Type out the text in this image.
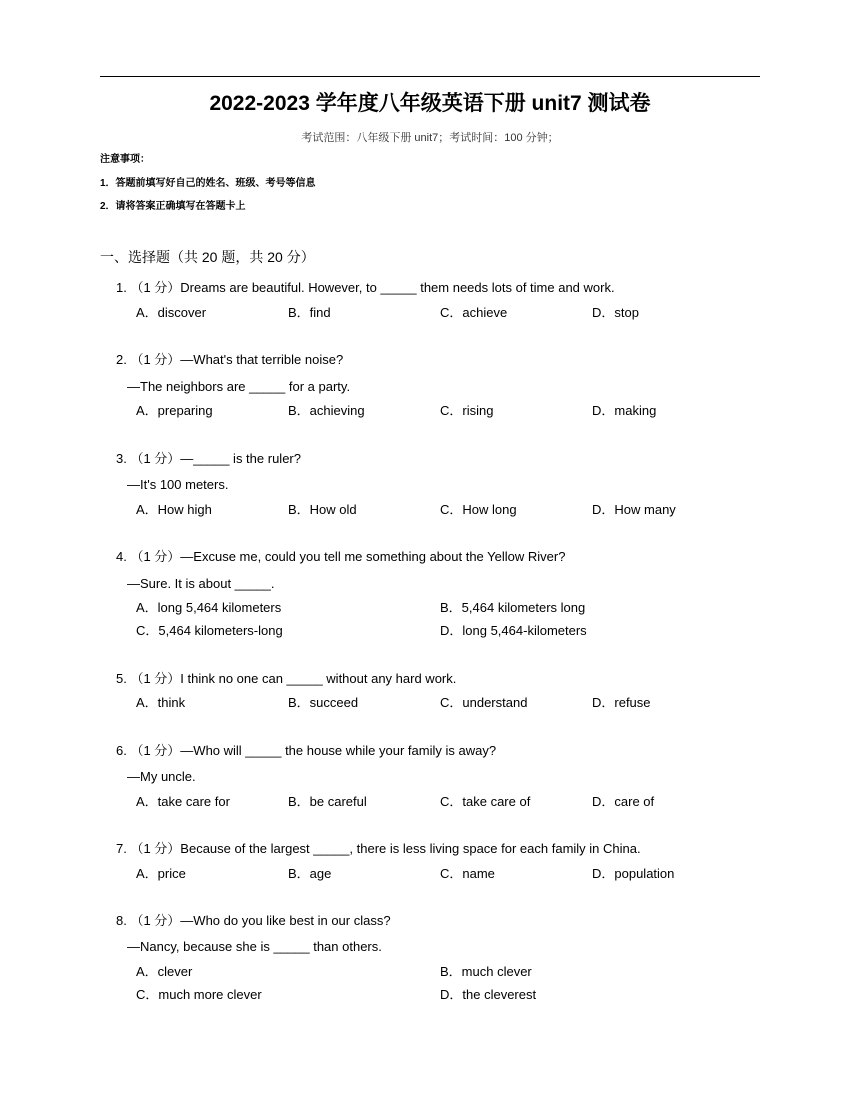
2022-2023 学年度八年级英语下册 unit7 测试卷
考试范围：八年级下册 unit7；考试时间：100 分钟；
注意事项：
1．答题前填写好自己的姓名、班级、考号等信息
2．请将答案正确填写在答题卡上
一、选择题（共 20 题，共 20 分）
1. （1 分）Dreams are beautiful. However, to _____ them needs lots of time and work.
A．discover	B．find	C．achieve	D．stop
2. （1 分）—What's that terrible noise?
—The neighbors are _____ for a party.
A．preparing	B．achieving	C．rising	D．making
3. （1 分）—_____ is the ruler?
—It's 100 meters.
A．How high	B．How old	C．How long	D．How many
4. （1 分）—Excuse me, could you tell me something about the Yellow River?
—Sure. It is about _____.
A．long 5,464 kilometers	B．5,464 kilometers long
C．5,464 kilometers-long	D．long 5,464-kilometers
5. （1 分）I think no one can _____ without any hard work.
A．think	B．succeed	C．understand	D．refuse
6. （1 分）—Who will _____ the house while your family is away?
—My uncle.
A．take care for	B．be careful	C．take care of	D．care of
7. （1 分）Because of the largest _____, there is less living space for each family in China.
A．price	B．age	C．name	D．population
8. （1 分）—Who do you like best in our class?
—Nancy, because she is _____ than others.
A．clever	B．much clever
C．much more clever	D．the cleverest
